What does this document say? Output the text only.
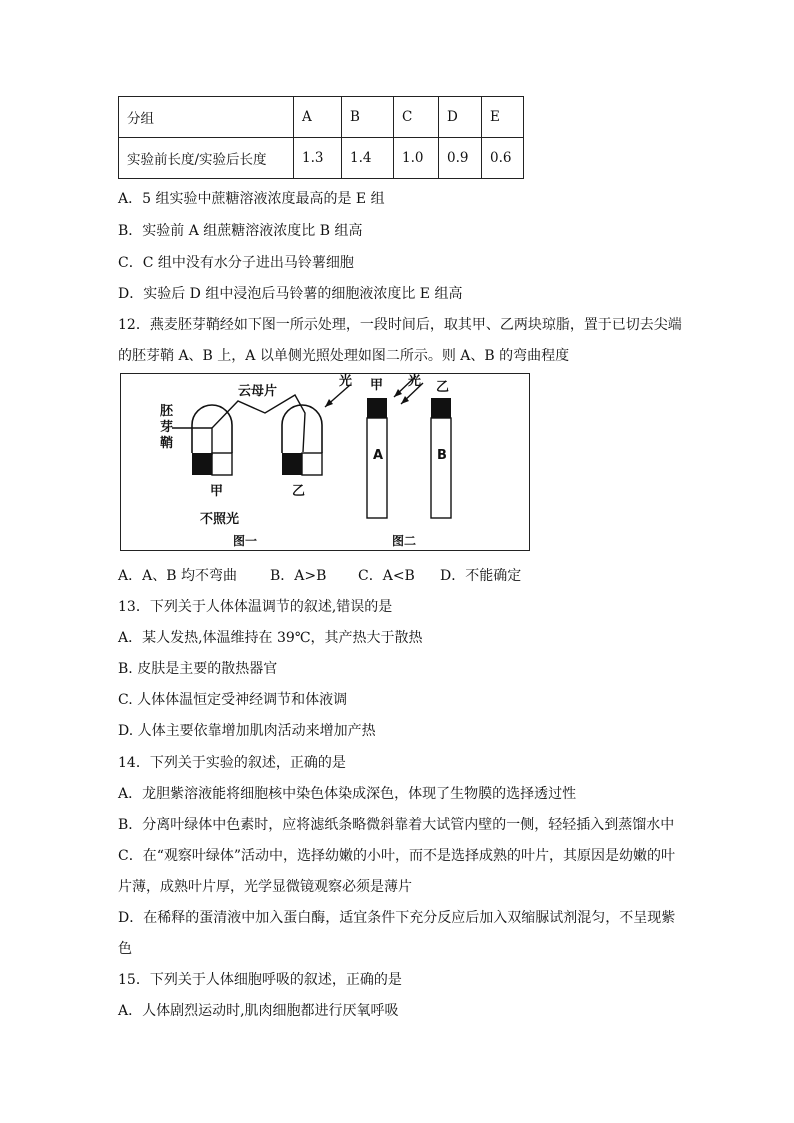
分组	A	B	C	D	E
实验前长度/实验后长度	1.3	1.4	1.0	0.9	0.6
A．5 组实验中蔗糖溶液浓度最高的是 E 组
B．实验前 A 组蔗糖溶液浓度比 B 组高
C．C 组中没有水分子进出马铃薯细胞
D．实验后 D 组中浸泡后马铃薯的细胞液浓度比 E 组高
12．燕麦胚芽鞘经如下图一所示处理，一段时间后，取其甲、乙两块琼脂，置于已切去尖端
的胚芽鞘 A、B 上，A 以单侧光照处理如图二所示。则 A、B 的弯曲程度
云母片
光
胚
芽
鞘
甲	乙
不照光
图一
甲 光 乙
A	B
图二
A．A、B 均不弯曲 B．A>B C．A<B D．不能确定
13．下列关于人体体温调节的叙述,错误的是
A．某人发热,体温维持在 39℃，其产热大于散热
B. 皮肤是主要的散热器官
C. 人体体温恒定受神经调节和体液调
D. 人体主要依靠增加肌肉活动来增加产热
14．下列关于实验的叙述，正确的是
A．龙胆紫溶液能将细胞核中染色体染成深色，体现了生物膜的选择透过性
B．分离叶绿体中色素时，应将滤纸条略微斜靠着大试管内壁的一侧，轻轻插入到蒸馏水中
C．在“观察叶绿体”活动中，选择幼嫩的小叶，而不是选择成熟的叶片，其原因是幼嫩的叶
片薄，成熟叶片厚，光学显微镜观察必须是薄片
D．在稀释的蛋清液中加入蛋白酶，适宜条件下充分反应后加入双缩脲试剂混匀，不呈现紫
色
15．下列关于人体细胞呼吸的叙述，正确的是
A．人体剧烈运动时,肌肉细胞都进行厌氧呼吸
